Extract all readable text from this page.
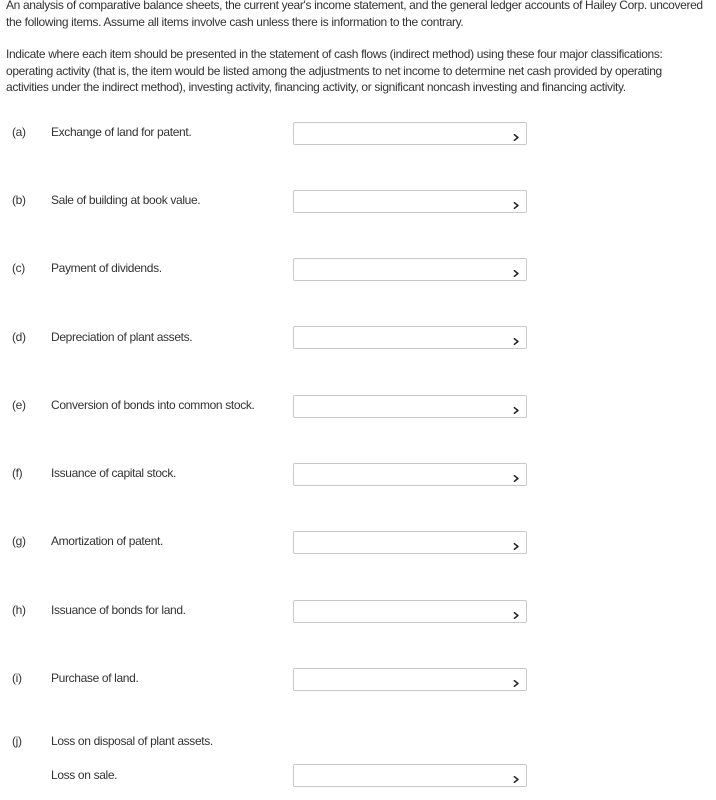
An analysis of comparative balance sheets, the current year's income statement, and the general ledger accounts of Hailey Corp. uncovered the following items. Assume all items involve cash unless there is information to the contrary.

Indicate where each item should be presented in the statement of cash flows (indirect method) using these four major classifications: operating activity (that is, the item would be listed among the adjustments to net income to determine net cash provided by operating activities under the indirect method), investing activity, financing activity, or significant noncash investing and financing activity.

(a) Exchange of land for patent.
(b) Sale of building at book value.
(c) Payment of dividends.
(d) Depreciation of plant assets.
(e) Conversion of bonds into common stock.
(f) Issuance of capital stock.
(g) Amortization of patent.
(h) Issuance of bonds for land.
(i) Purchase of land.
(j) Loss on disposal of plant assets.
Loss on sale.
